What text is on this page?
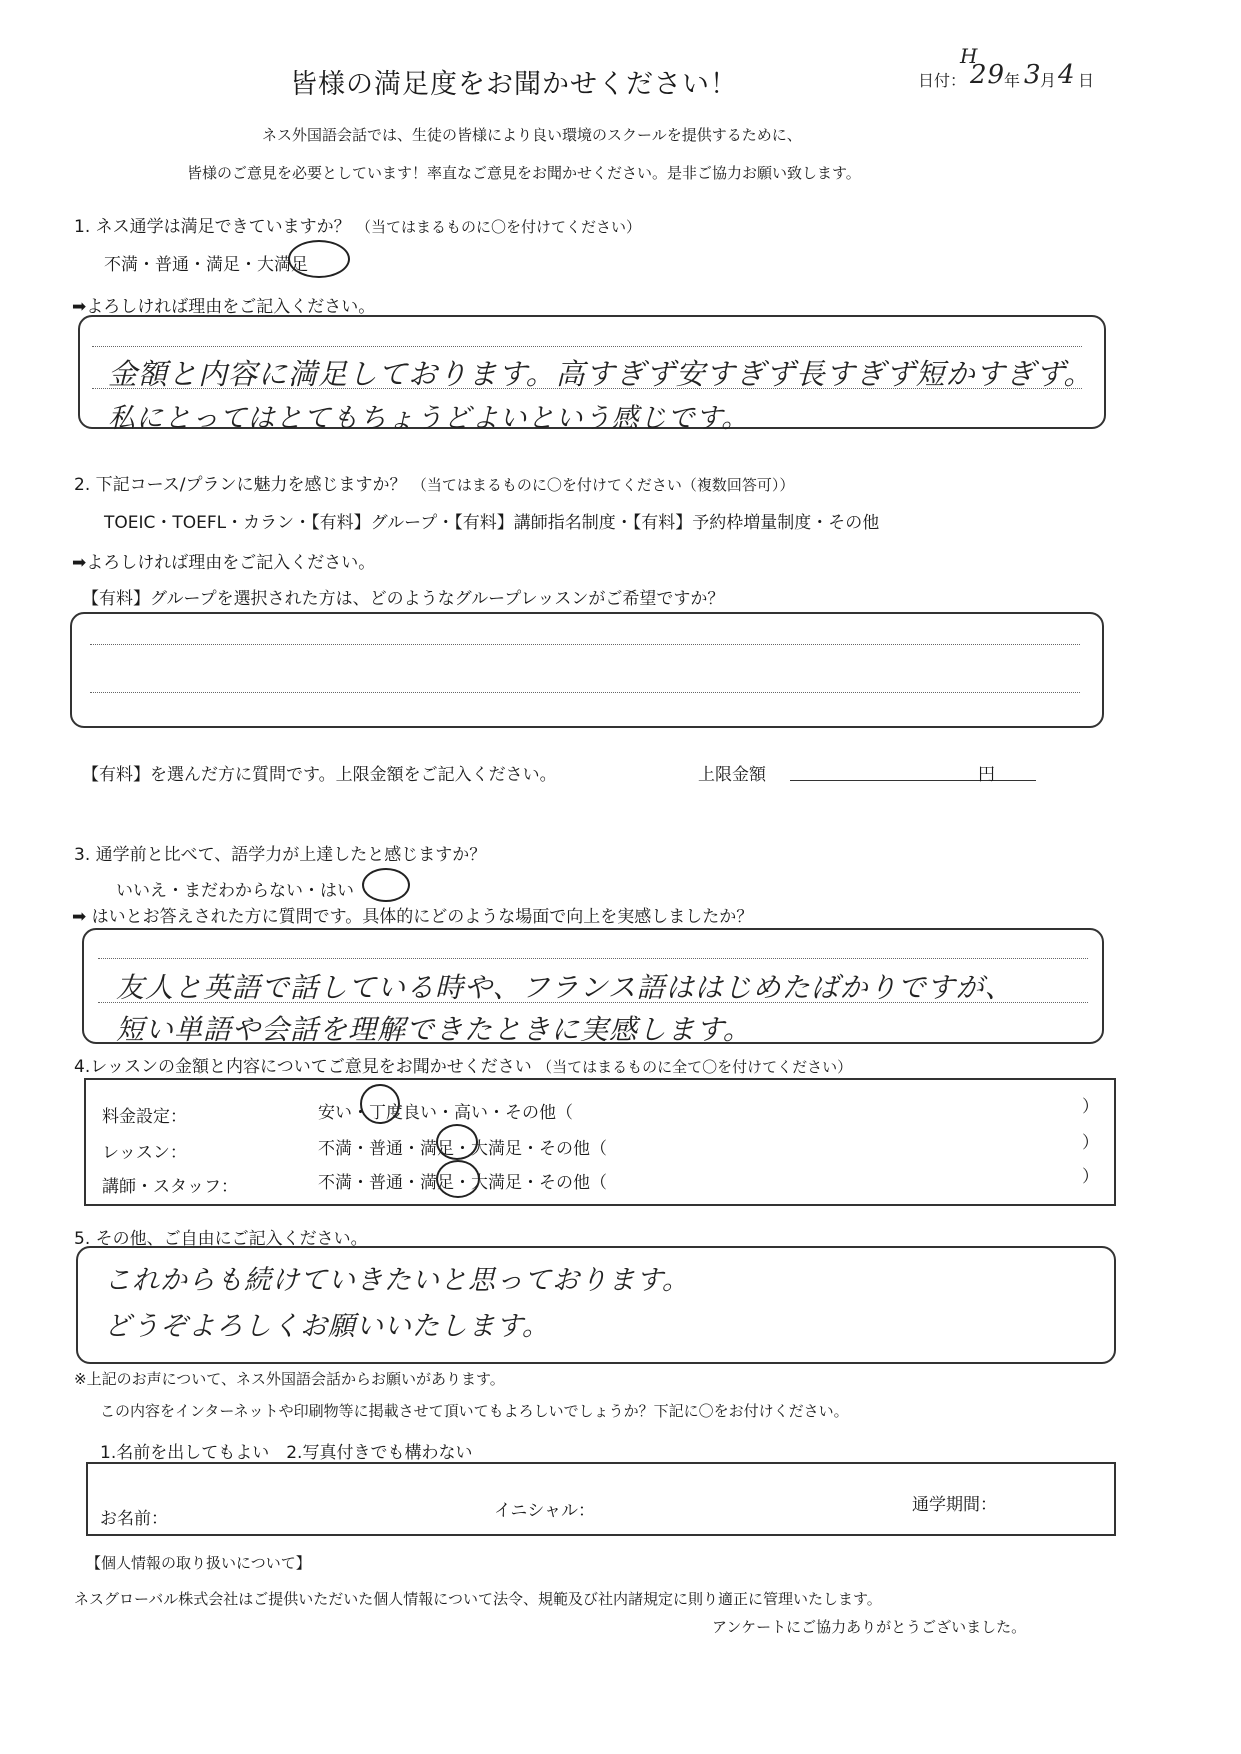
皆様の満足度をお聞かせください！	日付：
H
29
年 3
月 4 日
ネス外国語会話では、生徒の皆様により良い環境のスクールを提供するために、
皆様のご意見を必要としています！率直なご意見をお聞かせください。是非ご協力お願い致します。
1. ネス通学は満足できていますか？ （当てはまるものに〇を付けてください）
不満・普通・満足・大満足
➡よろしければ理由をご記入ください。
金額と内容に満足しております。高すぎず安すぎず長すぎず短かすぎず。
私にとってはとてもちょうどよいという感じです。
2. 下記コース/プランに魅力を感じますか？ （当てはまるものに〇を付けてください（複数回答可））
TOEIC・TOEFL・カラン・【有料】グループ・【有料】講師指名制度・【有料】予約枠増量制度・その他
➡よろしければ理由をご記入ください。
【有料】グループを選択された方は、どのようなグループレッスンがご希望ですか？
【有料】を選んだ方に質問です。上限金額をご記入ください。	上限金額	円
3. 通学前と比べて、語学力が上達したと感じますか？
いいえ・まだわからない・はい
➡ はいとお答えされた方に質問です。具体的にどのような場面で向上を実感しましたか？
友人と英語で話している時や、フランス語ははじめたばかりですが、
短い単語や会話を理解できたときに実感します。
4.レッスンの金額と内容についてご意見をお聞かせください （当てはまるものに全て〇を付けてください）
料金設定：	安い・丁度良い・高い・その他（	）
レッスン：	不満・普通・満足・大満足・その他（	）
講師・スタッフ：	不満・普通・満足・大満足・その他（	）
5. その他、ご自由にご記入ください。
これからも続けていきたいと思っております。
どうぞよろしくお願いいたします。
※上記のお声について、ネス外国語会話からお願いがあります。
この内容をインターネットや印刷物等に掲載させて頂いてもよろしいでしょうか？下記に〇をお付けください。
1.名前を出してもよい　2.写真付きでも構わない
お名前：	イニシャル：	通学期間：
【個人情報の取り扱いについて】
ネスグローバル株式会社はご提供いただいた個人情報について法令、規範及び社内諸規定に則り適正に管理いたします。
アンケートにご協力ありがとうございました。
